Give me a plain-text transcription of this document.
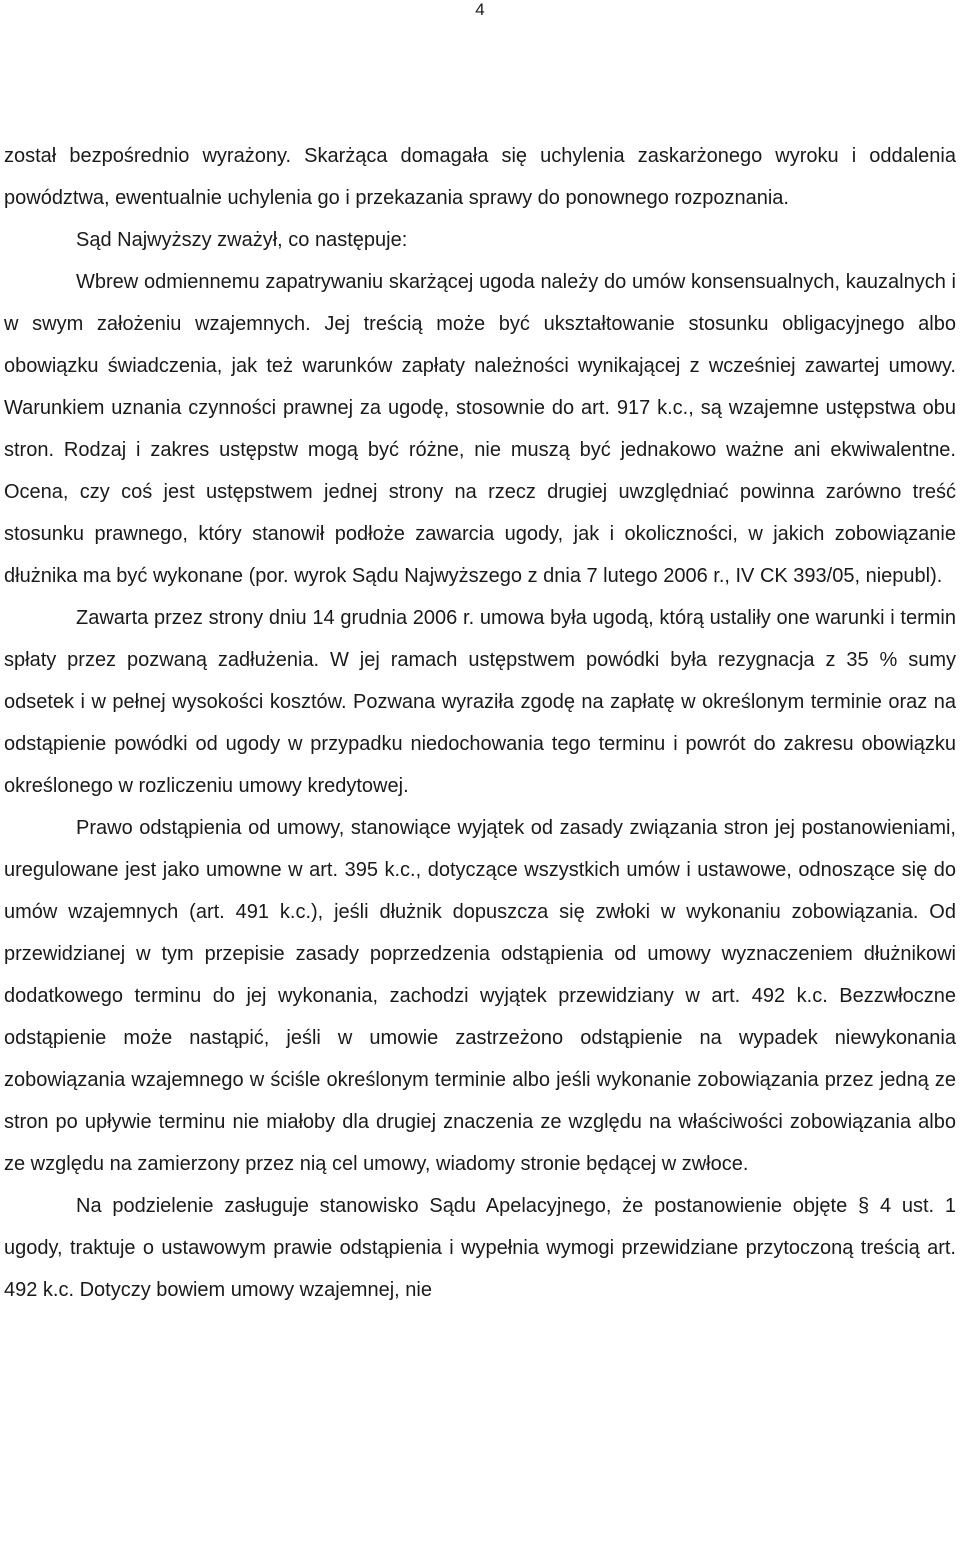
4

został bezpośrednio wyrażony. Skarżąca domagała się uchylenia zaskarżonego wyroku i oddalenia powództwa, ewentualnie uchylenia go i przekazania sprawy do ponownego rozpoznania.

Sąd Najwyższy zważył, co następuje:

Wbrew odmiennemu zapatrywaniu skarżącej ugoda należy do umów konsensualnych, kauzalnych i w swym założeniu wzajemnych. Jej treścią może być ukształtowanie stosunku obligacyjnego albo obowiązku świadczenia, jak też warunków zapłaty należności wynikającej z wcześniej zawartej umowy. Warunkiem uznania czynności prawnej za ugodę, stosownie do art. 917 k.c., są wzajemne ustępstwa obu stron. Rodzaj i zakres ustępstw mogą być różne, nie muszą być jednakowo ważne ani ekwiwalentne. Ocena, czy coś jest ustępstwem jednej strony na rzecz drugiej uwzględniać powinna zarówno treść stosunku prawnego, który stanowił podłoże zawarcia ugody, jak i okoliczności, w jakich zobowiązanie dłużnika ma być wykonane (por. wyrok Sądu Najwyższego z dnia 7 lutego 2006 r., IV CK 393/05, niepubl).

Zawarta przez strony dniu 14 grudnia 2006 r. umowa była ugodą, którą ustaliły one warunki i termin spłaty przez pozwaną zadłużenia. W jej ramach ustępstwem powódki była rezygnacja z 35 % sumy odsetek i w pełnej wysokości kosztów. Pozwana wyraziła zgodę na zapłatę w określonym terminie oraz na odstąpienie powódki od ugody w przypadku niedochowania tego terminu i powrót do zakresu obowiązku określonego w rozliczeniu umowy kredytowej.

Prawo odstąpienia od umowy, stanowiące wyjątek od zasady związania stron jej postanowieniami, uregulowane jest jako umowne w art. 395 k.c., dotyczące wszystkich umów i ustawowe, odnoszące się do umów wzajemnych (art. 491 k.c.), jeśli dłużnik dopuszcza się zwłoki w wykonaniu zobowiązania. Od przewidzianej w tym przepisie zasady poprzedzenia odstąpienia od umowy wyznaczeniem dłużnikowi dodatkowego terminu do jej wykonania, zachodzi wyjątek przewidziany w art. 492 k.c. Bezzwłoczne odstąpienie może nastąpić, jeśli w umowie zastrzeżono odstąpienie na wypadek niewykonania zobowiązania wzajemnego w ściśle określonym terminie albo jeśli wykonanie zobowiązania przez jedną ze stron po upływie terminu nie miałoby dla drugiej znaczenia ze względu na właściwości zobowiązania albo ze względu na zamierzony przez nią cel umowy, wiadomy stronie będącej w zwłoce.

Na podzielenie zasługuje stanowisko Sądu Apelacyjnego, że postanowienie objęte § 4 ust. 1 ugody, traktuje o ustawowym prawie odstąpienia i wypełnia wymogi przewidziane przytoczoną treścią art. 492 k.c. Dotyczy bowiem umowy wzajemnej, nie
